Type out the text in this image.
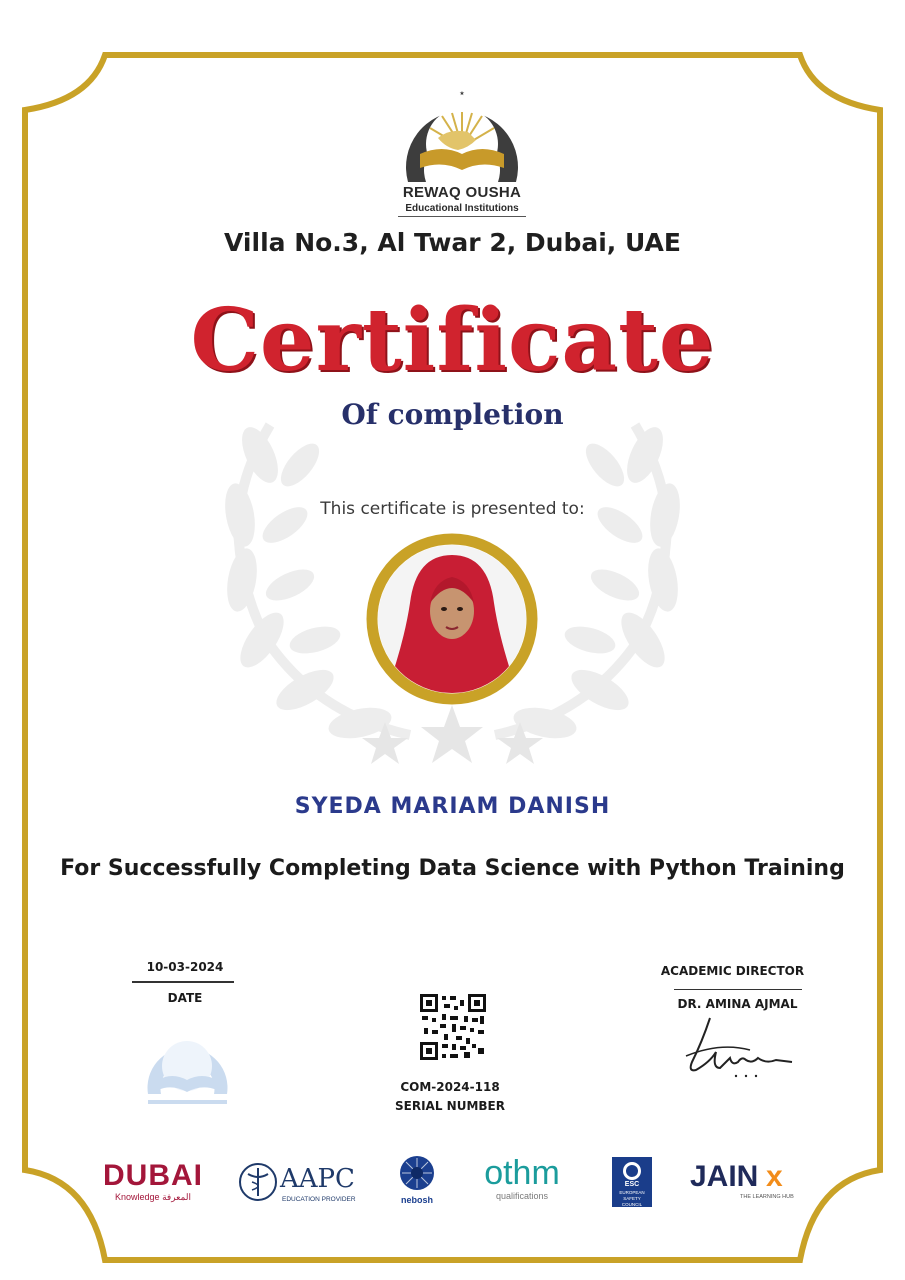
٭
REWAQ OUSHA
Educational Institutions
Villa No.3, Al Twar 2, Dubai, UAE
Certificate
Of completion
This certificate is presented to:
SYEDA MARIAM DANISH
For Successfully Completing Data Science with Python Training
10-03-2024
DATE
COM-2024-118
SERIAL NUMBER
ACADEMIC DIRECTOR
DR. AMINA AJMAL
DUBAI
Knowledge المعرفة
AAPC
EDUCATION PROVIDER	nebosh
othm
qualifications
ESC
EUROPEAN SAFETY COUNCIL
JAIN x
THE LEARNING HUB
